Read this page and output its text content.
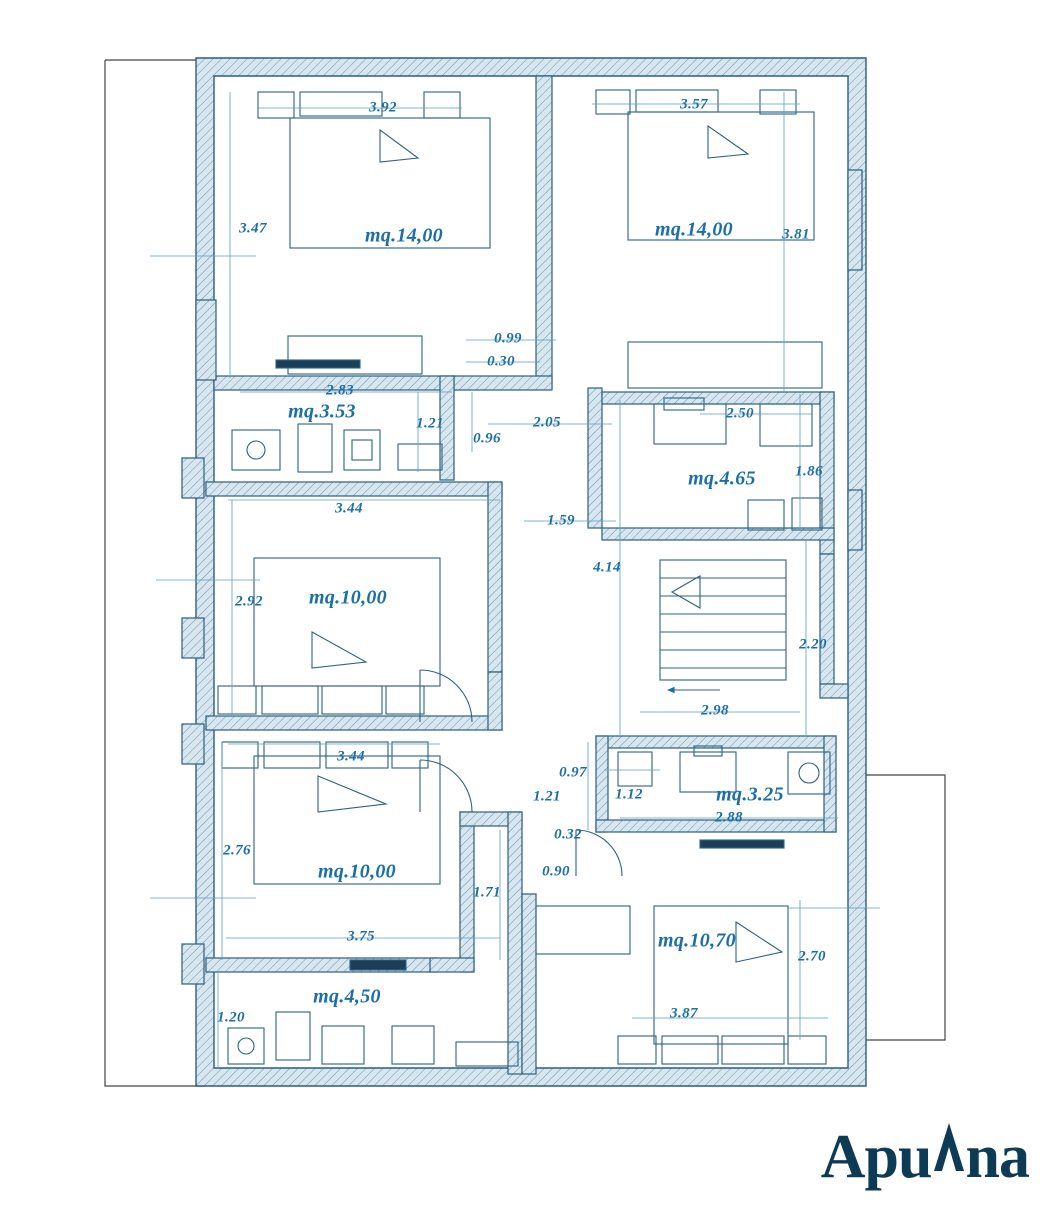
mq.14,00	mq.14,00
mq.3.53
mq.4.65
mq.10,00
mq.10,00
mq.3.25
mq.10,70
mq.4,50
3.92	3.57
3.47	3.81
0.99
0.30
2.83
2.50
1.21	2.05
0.96
1.86
3.44
1.59
4.14
2.92
2.20
2.98
3.44
0.97
1.12
1.21
2.88
0.32
2.76
0.90
1.71
3.75
2.70
3.87
1.20
Apu na
